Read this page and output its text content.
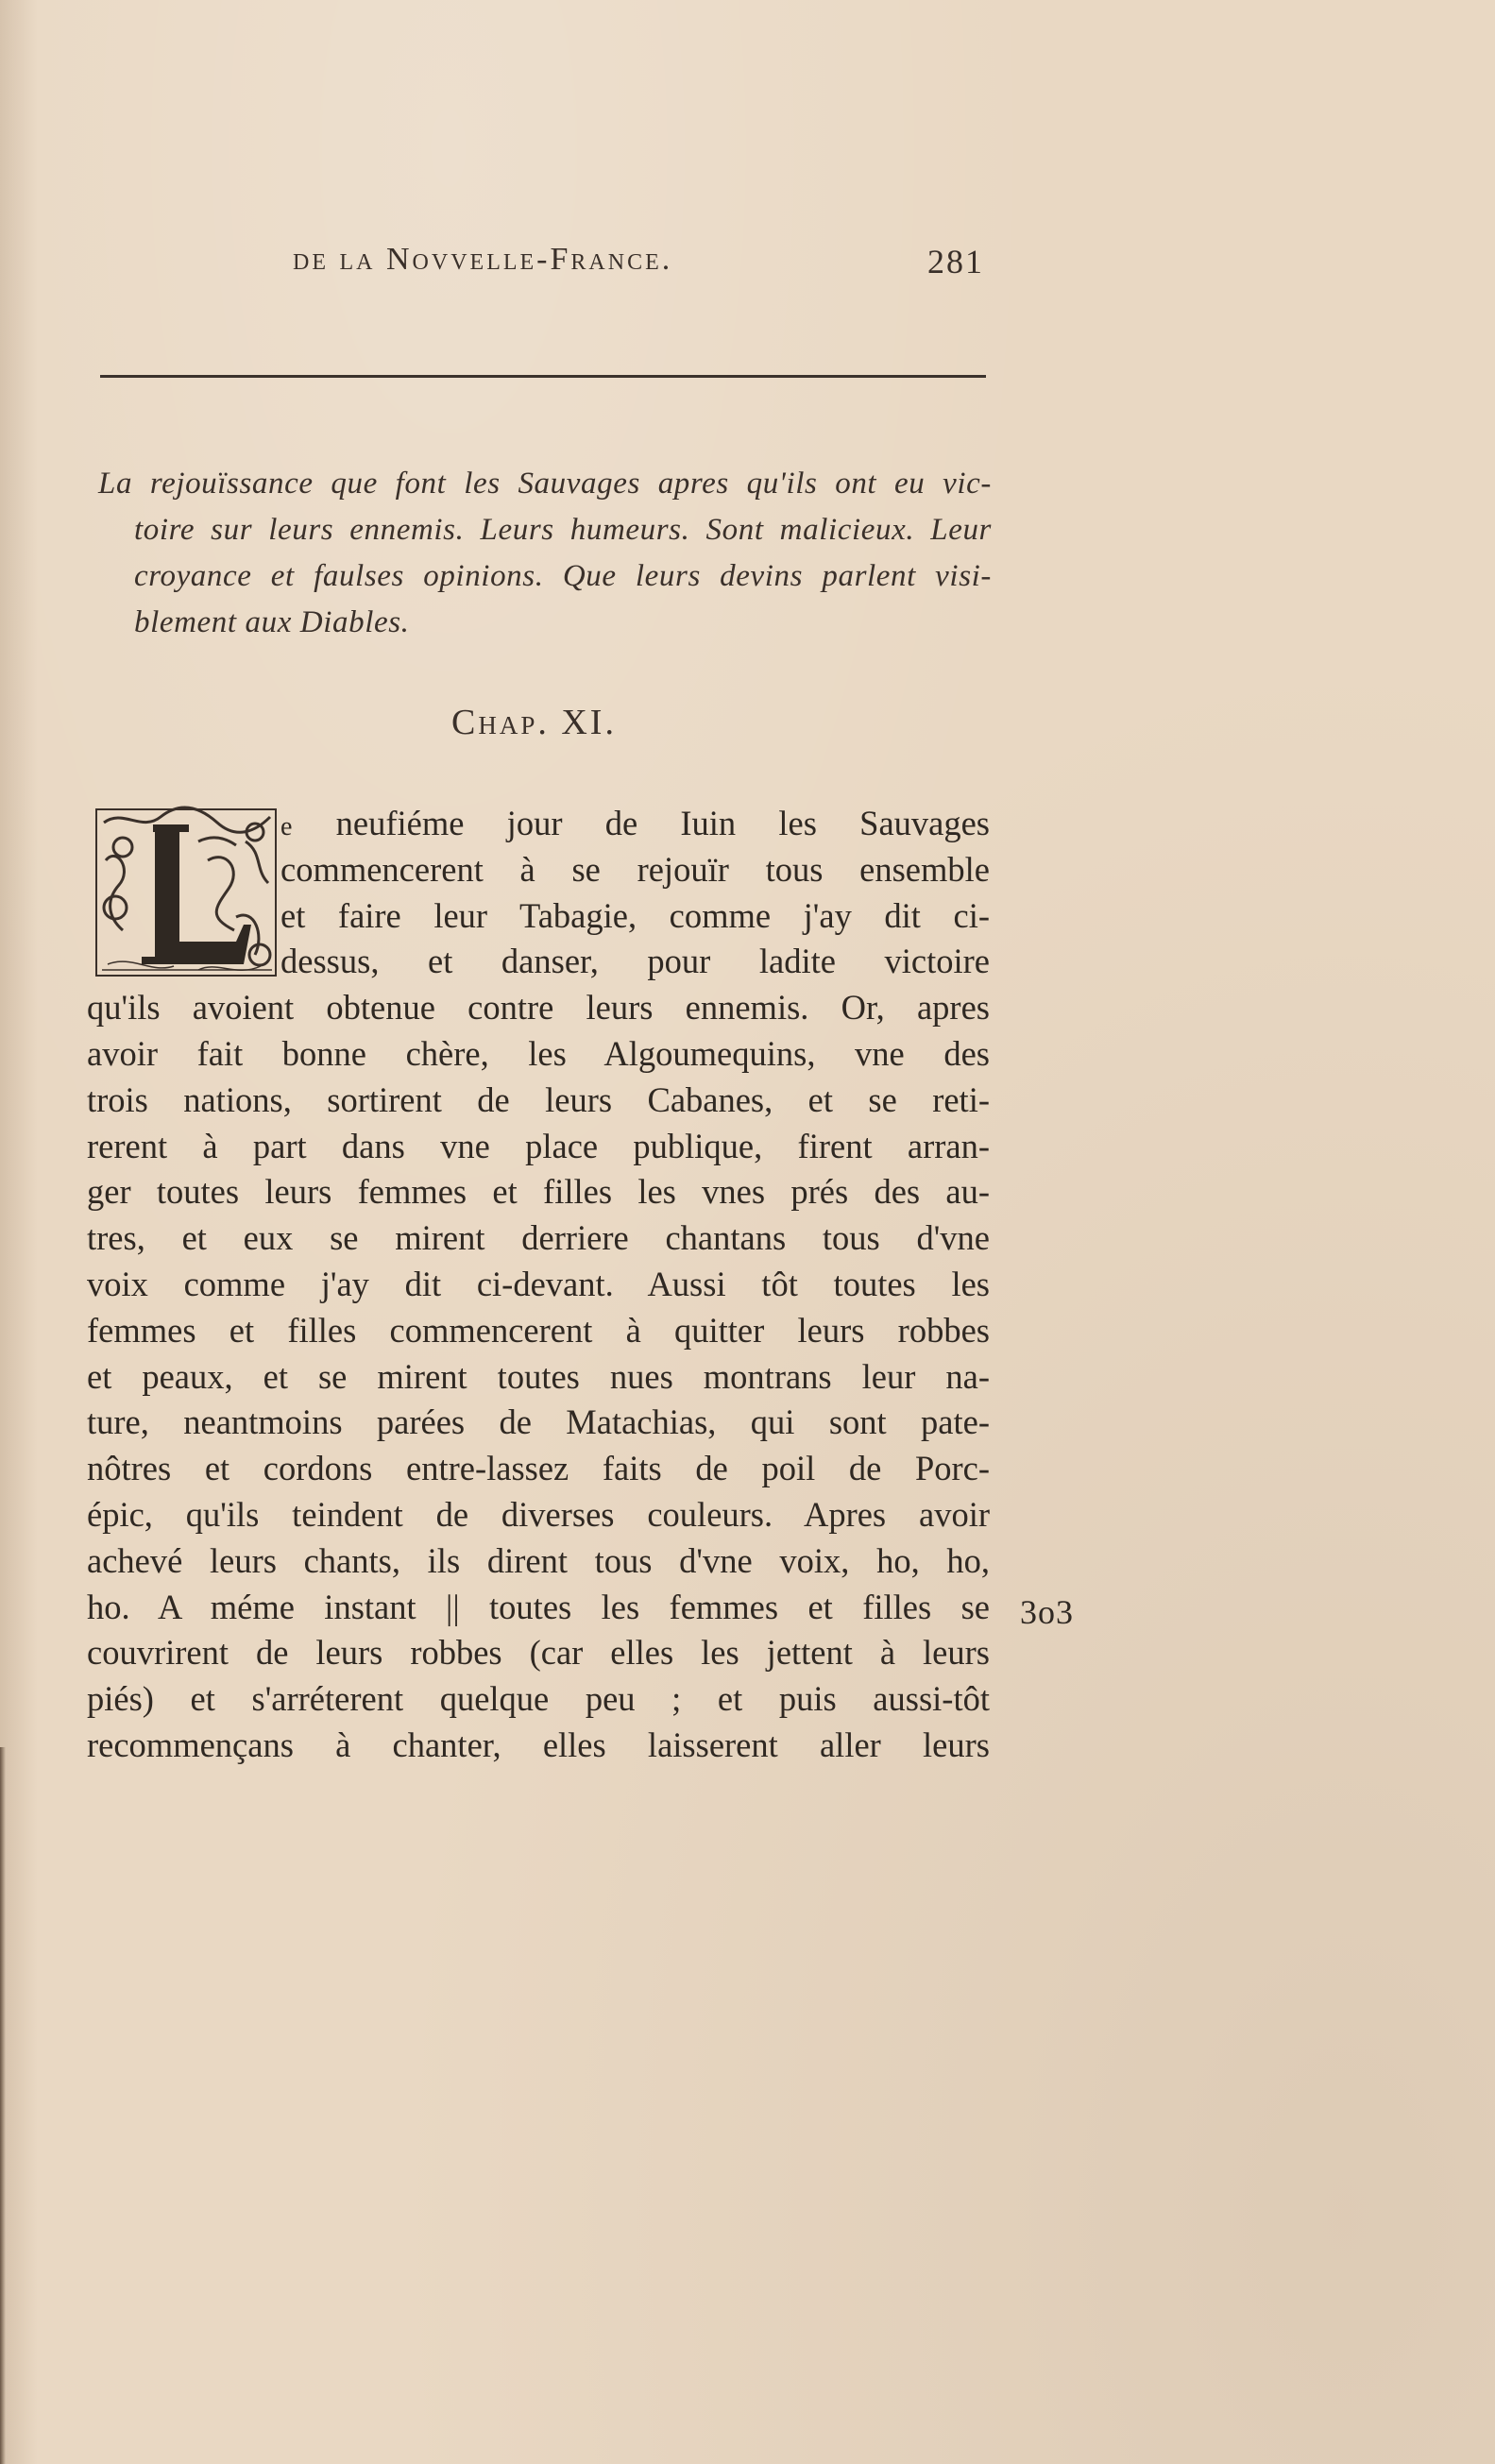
de la Novvelle-France.	281
La rejouïssance que font les Sauvages apres qu'ils ont eu vic-
toire sur leurs ennemis. Leurs humeurs. Sont malicieux. Leur
croyance et faulses opinions. Que leurs devins parlent visi-
blement aux Diables.
Chap. XI.
e neufiéme jour de Iuin les Sauvages
commencerent à se rejouïr tous ensemble
et faire leur Tabagie, comme j'ay dit ci-
dessus, et danser, pour ladite victoire
qu'ils avoient obtenue contre leurs ennemis. Or, apres
avoir fait bonne chère, les Algoumequins, vne des
trois nations, sortirent de leurs Cabanes, et se reti-
rerent à part dans vne place publique, firent arran-
ger toutes leurs femmes et filles les vnes prés des au-
tres, et eux se mirent derriere chantans tous d'vne
voix comme j'ay dit ci-devant. Aussi tôt toutes les
femmes et filles commencerent à quitter leurs robbes
et peaux, et se mirent toutes nues montrans leur na-
ture, neantmoins parées de Matachias, qui sont pate-
nôtres et cordons entre-lassez faits de poil de Porc-
épic, qu'ils teindent de diverses couleurs. Apres avoir
achevé leurs chants, ils dirent tous d'vne voix, ho, ho,
ho. A méme instant || toutes les femmes et filles se
couvrirent de leurs robbes (car elles les jettent à leurs
piés) et s'arréterent quelque peu ; et puis aussi-tôt
recommençans à chanter, elles laisserent aller leurs
3o3
